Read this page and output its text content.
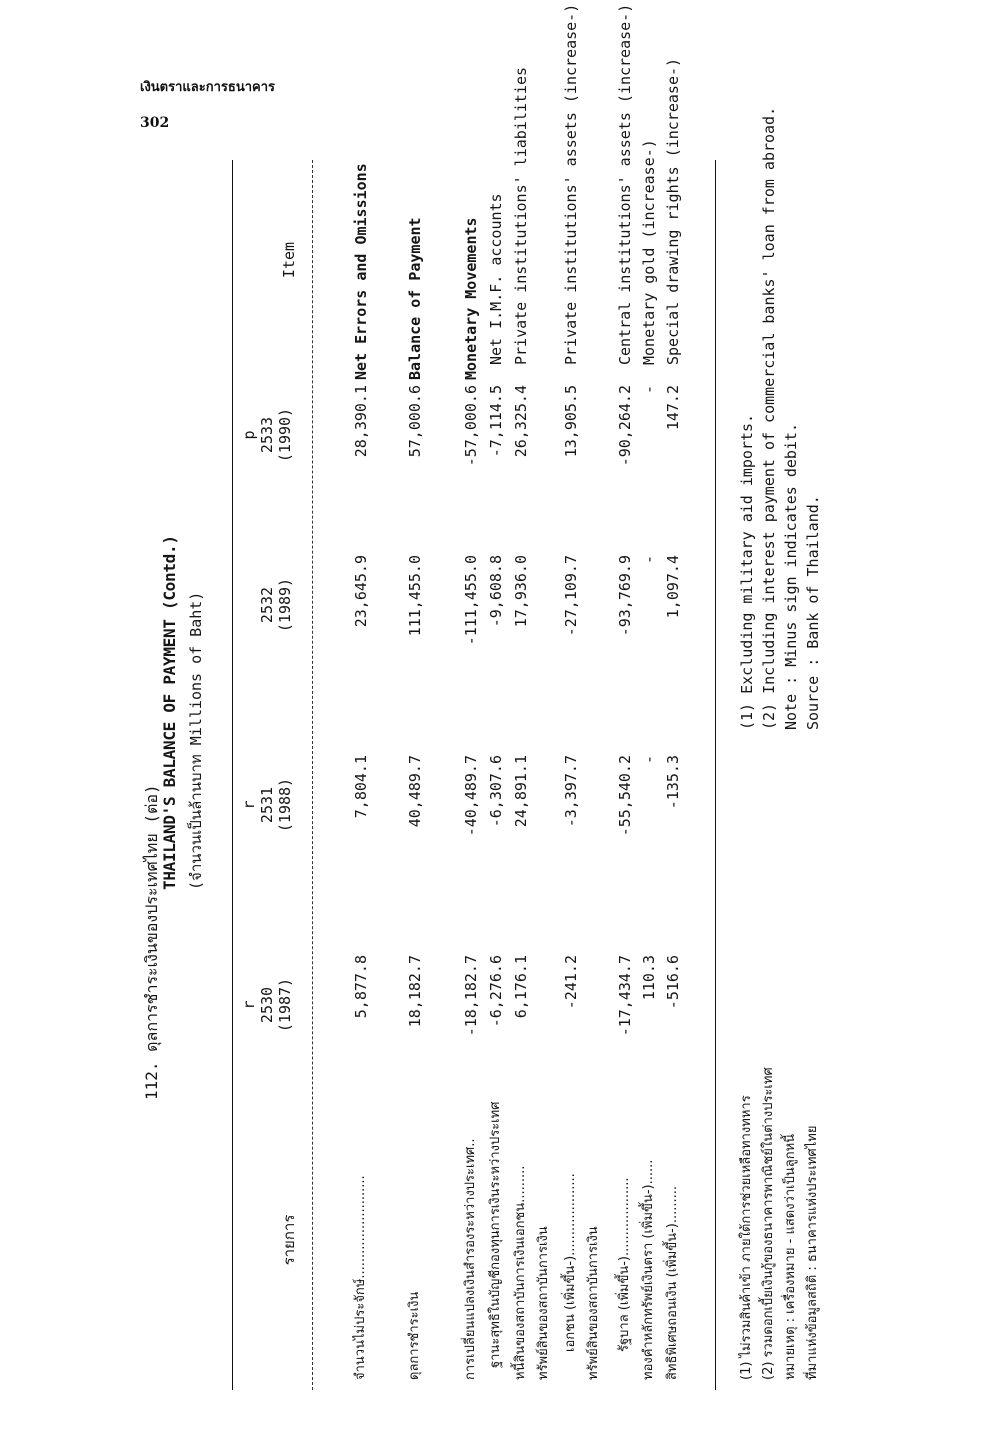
เงินตราและการธนาคาร
302
112. ดุลการชำระเงินของประเทศไทย (ต่อ)
THAILAND'S BALANCE OF PAYMENT (Contd.) (จำนวนเป็นล้านบาท Millions of Baht)
รายการ
r 2530 (1987)
r 2531 (1988)
2532 (1989)
p 2533 (1990)
Item
จำนวนไม่ประจักษ์.........................
5,877.8
7,804.1
23,645.9
28,390.1
Net Errors and Omissions
ดุลการชำระเงิน
18,182.7
40,489.7
111,455.0
57,000.6
Balance of Payment
การเปลี่ยนแปลงเงินสำรองระหว่างประเทศ..
-18,182.7
-40,489.7
-111,455.0
-57,000.6
Monetary Movements
ฐานะสุทธิในบัญชีกองทุนการเงินระหว่างประเทศ
-6,276.6
-6,307.6
-9,608.8
-7,114.5
Net I.M.F. accounts
หนี้สินของสถาบันการเงินเอกชน.........
6,176.1
24,891.1
17,936.0
26,325.4
Private institutions' liabilities
ทรัพย์สินของสถาบันการเงิน เอกชน (เพิ่มขึ้น-)....................
-241.2
-3,397.7
-27,109.7
13,905.5
Private institutions' assets (increase-)
ทรัพย์สินของสถาบันการเงิน	รัฐบาล (เพิ่มขึ้น-)...................
-17,434.7
-55,540.2
-93,769.9
-90,264.2
Central institutions' assets (increase-)
ทองคำหลักทรัพย์เงินตรา (เพิ่มขึ้น-)......
110.3
-
-
-
Monetary gold (increase-)
สิทธิพิเศษถอนเงิน (เพิ่มขึ้น-).........
-516.6
-135.3
1,097.4
147.2
Special drawing rights (increase-)
(1) ไม่รวมสินค้าเข้า ภายใต้การช่วยเหลือทางทหาร
(1) Excluding military aid imports.
(2) รวมดอกเบี้ยเงินกู้ของธนาคารพาณิชย์ในต่างประเทศ
(2) Including interest payment of commercial banks' loan from abroad.
หมายเหตุ : เครื่องหมาย - แสดงว่าเป็นลูกหนี้
Note : Minus sign indicates debit.
ที่มาแห่งข้อมูลสถิติ : ธนาคารแห่งประเทศไทย
Source : Bank of Thailand.
